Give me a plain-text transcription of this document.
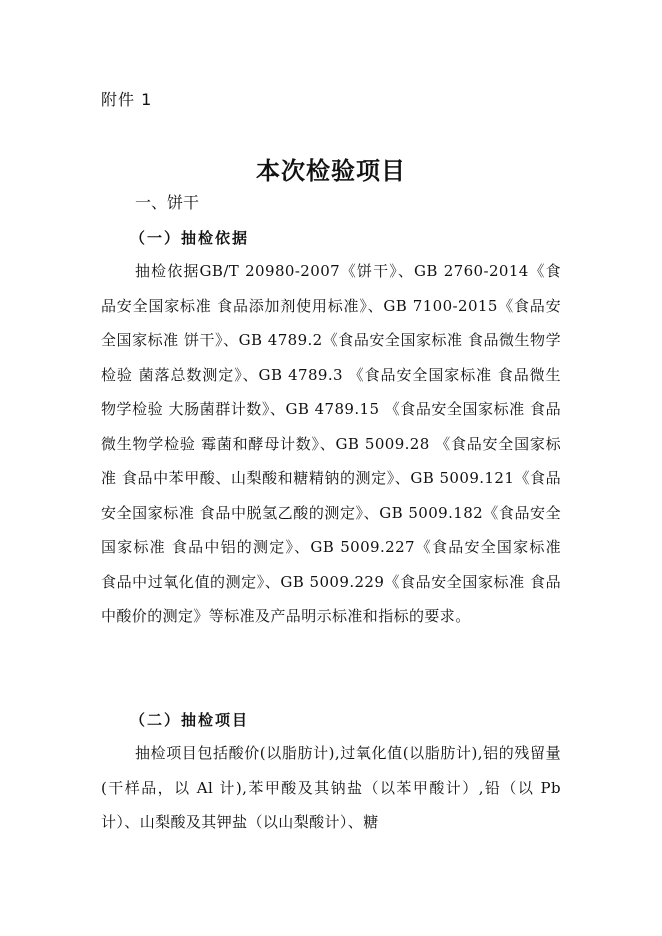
附件 1
本次检验项目
一、饼干
（一）抽检依据

抽检依据GB/T 20980-2007《饼干》、GB 2760-2014《食品安全国家标准 食品添加剂使用标准》、GB 7100-2015《食品安全国家标准 饼干》、GB 4789.2《食品安全国家标准 食品微生物学检验 菌落总数测定》、GB 4789.3 《食品安全国家标准 食品微生物学检验 大肠菌群计数》、GB 4789.15 《食品安全国家标准 食品微生物学检验 霉菌和酵母计数》、GB 5009.28 《食品安全国家标准 食品中苯甲酸、山梨酸和糖精钠的测定》、GB 5009.121《食品安全国家标准 食品中脱氢乙酸的测定》、GB 5009.182《食品安全国家标准 食品中铝的测定》、GB 5009.227《食品安全国家标准 食品中过氧化值的测定》、GB 5009.229《食品安全国家标准 食品中酸价的测定》等标准及产品明示标准和指标的要求。

（二）抽检项目

抽检项目包括酸价(以脂肪计),过氧化值(以脂肪计),铝的残留量(干样品，以 Al 计),苯甲酸及其钠盐（以苯甲酸计）,铅（以 Pb 计）、山梨酸及其钾盐（以山梨酸计）、糖
